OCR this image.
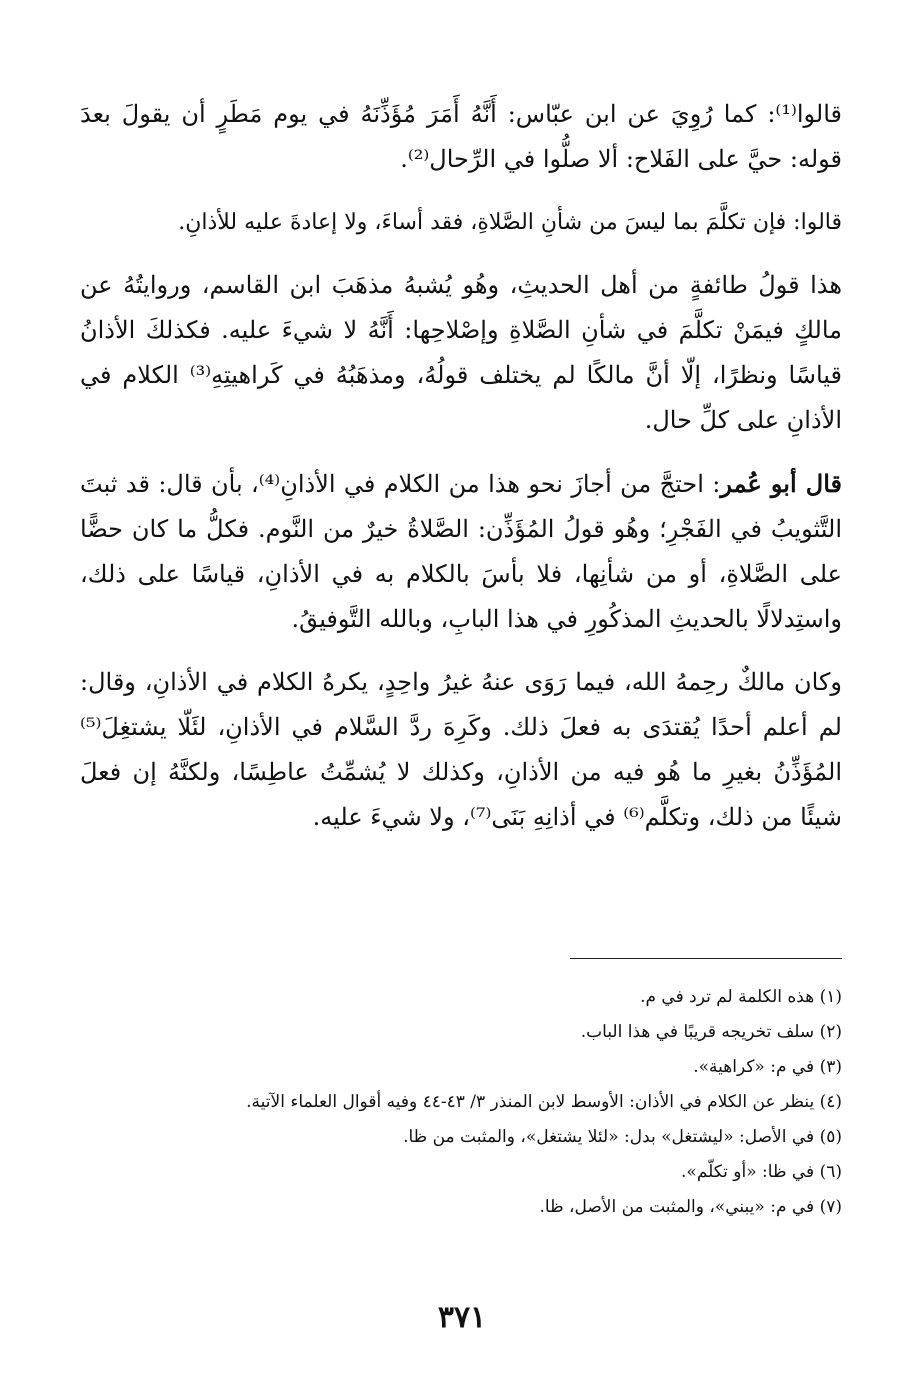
قالوا⁽¹⁾: كما رُوِيَ عن ابن عبّاس: أَنَّهُ أَمَرَ مُؤَذِّنَهُ في يوم مَطَرٍ أن يقولَ بعدَ قوله: حيَّ على الفَلاح: ألا صلُّوا في الرِّحال⁽²⁾.

قالوا: فإن تكلَّمَ بما ليسَ من شأنِ الصَّلاةِ، فقد أساءَ، ولا إعادةَ عليه للأذانِ.

هذا قولُ طائفةٍ من أهل الحديثِ، وهُو يُشبهُ مذهَبَ ابن القاسم، وروايتُهُ عن مالكٍ فيمَنْ تكلَّمَ في شأنِ الصَّلاةِ وإصْلاحِها: أَنَّهُ لا شيءَ عليه. فكذلكَ الأذانُ قياسًا ونظرًا، إلّا أنَّ مالكًا لم يختلف قولُهُ، ومذهَبُهُ في كَراهيتِهِ⁽³⁾ الكلام في الأذانِ على كلِّ حال.

قال أبو عُمر: احتجَّ من أجازَ نحو هذا من الكلام في الأذانِ⁽⁴⁾، بأن قال: قد ثبتَ التَّثويبُ في الفَجْرِ؛ وهُو قولُ المُؤَذِّن: الصَّلاةُ خيرٌ من النَّوم. فكلُّ ما كان حضًّا على الصَّلاةِ، أو من شأنِها، فلا بأسَ بالكلام به في الأذانِ، قياسًا على ذلك، واستِدلالًا بالحديثِ المذكُورِ في هذا البابِ، وبالله التَّوفيقُ.

وكان مالكٌ رحِمهُ الله، فيما رَوَى عنهُ غيرُ واحِدٍ، يكرهُ الكلام في الأذانِ، وقال: لم أعلم أحدًا يُقتدَى به فعلَ ذلك. وكَرِهَ ردَّ السَّلام في الأذانِ، لئَلّا يشتغِلَ⁽⁵⁾ المُؤَذِّنُ بغيرِ ما هُو فيه من الأذانِ، وكذلك لا يُشمِّتُ عاطِسًا، ولكنَّهُ إن فعلَ شيئًا من ذلك، وتكلَّم⁽⁶⁾ في أذانِهِ بَنَى⁽⁷⁾، ولا شيءَ عليه.

(١) هذه الكلمة لم ترد في م.
(٢) سلف تخريجه قريبًا في هذا الباب.
(٣) في م: «كراهية».
(٤) ينظر عن الكلام في الأذان: الأوسط لابن المنذر ٣/ ٤٣-٤٤ وفيه أقوال العلماء الآتية.
(٥) في الأصل: «ليشتغل» بدل: «لئلا يشتغل»، والمثبت من ظا.
(٦) في ظا: «أو تكلّم».
(٧) في م: «يبني»، والمثبت من الأصل، ظا.
٣٧١
